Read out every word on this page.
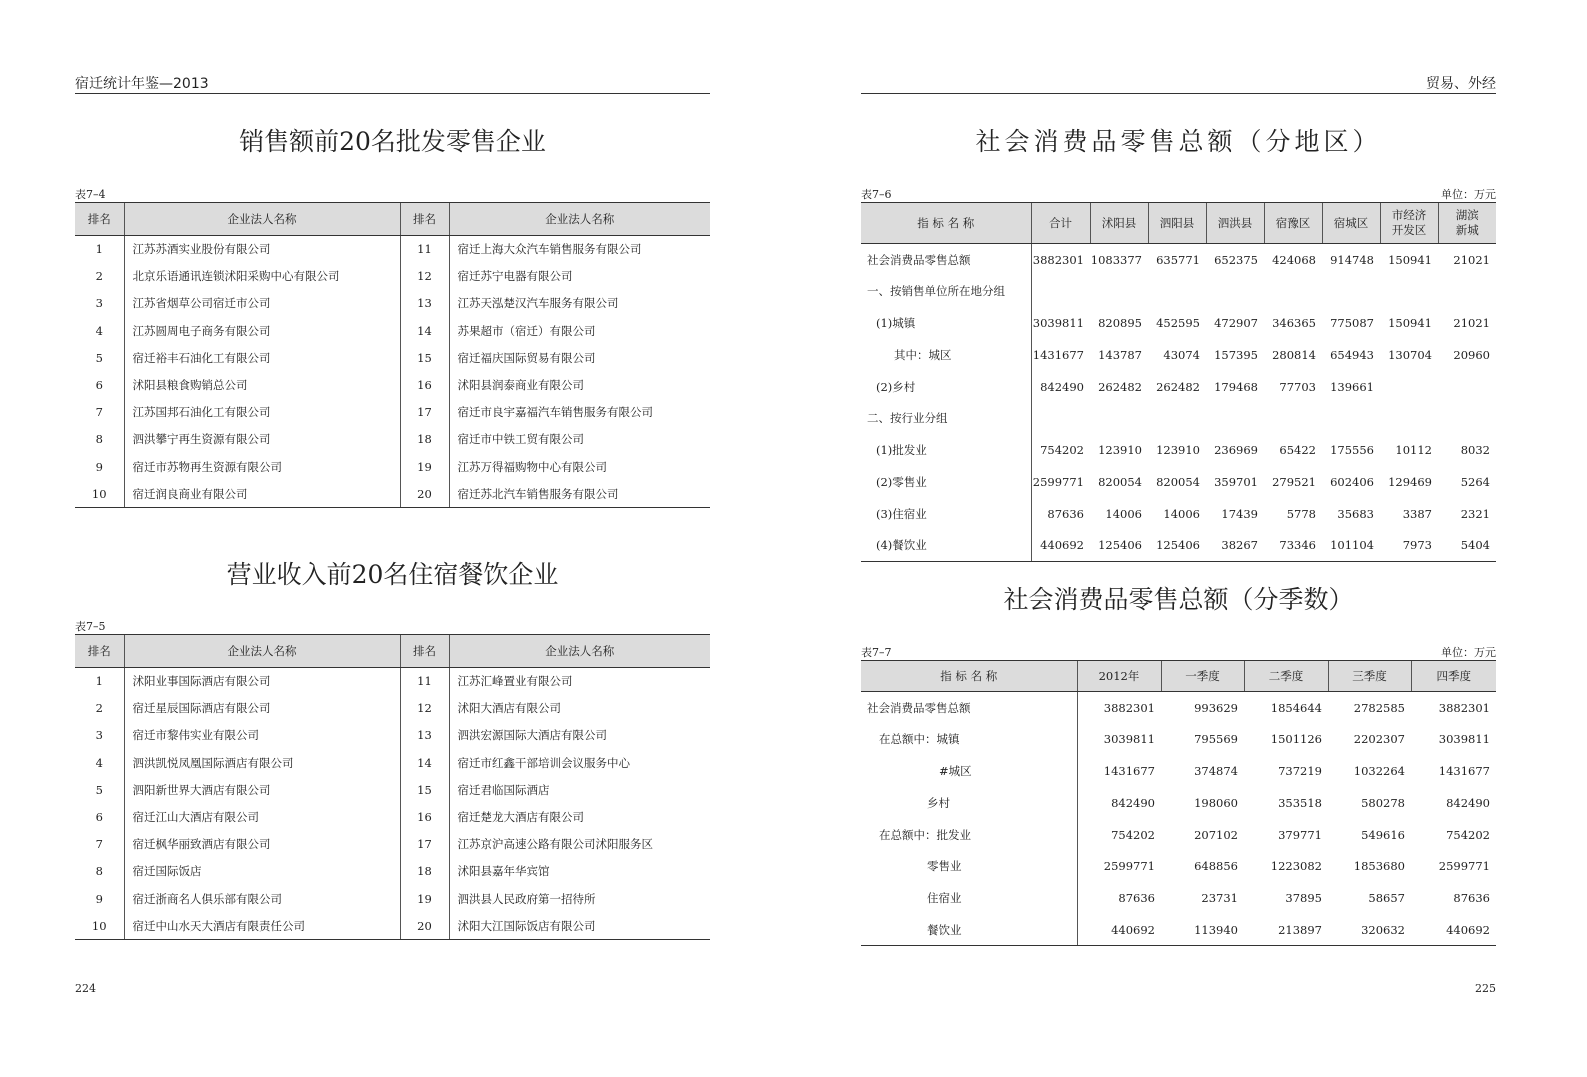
宿迁统计年鉴—2013
销售额前20名批发零售企业
表7–4
排名	企业法人名称	排名	企业法人名称
1	江苏苏酒实业股份有限公司	11	宿迁上海大众汽车销售服务有限公司
2	北京乐语通讯连锁沭阳采购中心有限公司	12	宿迁苏宁电器有限公司
3	江苏省烟草公司宿迁市公司	13	江苏天泓楚汉汽车服务有限公司
4	江苏圆周电子商务有限公司	14	苏果超市（宿迁）有限公司
5	宿迁裕丰石油化工有限公司	15	宿迁福庆国际贸易有限公司
6	沭阳县粮食购销总公司	16	沭阳县润泰商业有限公司
7	江苏国邦石油化工有限公司	17	宿迁市良宇嘉福汽车销售服务有限公司
8	泗洪攀宁再生资源有限公司	18	宿迁市中铁工贸有限公司
9	宿迁市苏物再生资源有限公司	19	江苏万得福购物中心有限公司
10	宿迁润良商业有限公司	20	宿迁苏北汽车销售服务有限公司
营业收入前20名住宿餐饮企业
表7–5
排名	企业法人名称	排名	企业法人名称
1	沭阳业事国际酒店有限公司	11	江苏汇峰置业有限公司
2	宿迁星辰国际酒店有限公司	12	沭阳大酒店有限公司
3	宿迁市黎伟实业有限公司	13	泗洪宏源国际大酒店有限公司
4	泗洪凯悦凤凰国际酒店有限公司	14	宿迁市红鑫干部培训会议服务中心
5	泗阳新世界大酒店有限公司	15	宿迁君临国际酒店
6	宿迁江山大酒店有限公司	16	宿迁楚龙大酒店有限公司
7	宿迁枫华丽致酒店有限公司	17	江苏京沪高速公路有限公司沭阳服务区
8	宿迁国际饭店	18	沭阳县嘉年华宾馆
9	宿迁浙商名人俱乐部有限公司	19	泗洪县人民政府第一招待所
10	宿迁中山水天大酒店有限责任公司	20	沭阳大江国际饭店有限公司
224
贸易、外经
社会消费品零售总额（分地区）
表7–6	单位：万元
指 标 名 称	合计	沭阳县	泗阳县	泗洪县	宿豫区	宿城区	市经济
开发区	湖滨
新城
社会消费品零售总额	3882301	1083377	635771	652375	424068	914748	150941	21021
一、按销售单位所在地分组								
(1)城镇	3039811	820895	452595	472907	346365	775087	150941	21021
其中：城区	1431677	143787	43074	157395	280814	654943	130704	20960
(2)乡村	842490	262482	262482	179468	77703	139661		
二、按行业分组								
(1)批发业	754202	123910	123910	236969	65422	175556	10112	8032
(2)零售业	2599771	820054	820054	359701	279521	602406	129469	5264
(3)住宿业	87636	14006	14006	17439	5778	35683	3387	2321
(4)餐饮业	440692	125406	125406	38267	73346	101104	7973	5404
社会消费品零售总额（分季数）
表7–7	单位：万元
指 标 名 称	2012年	一季度	二季度	三季度	四季度
社会消费品零售总额	3882301	993629	1854644	2782585	3882301
在总额中：城镇	3039811	795569	1501126	2202307	3039811
#城区	1431677	374874	737219	1032264	1431677
乡村	842490	198060	353518	580278	842490
在总额中：批发业	754202	207102	379771	549616	754202
零售业	2599771	648856	1223082	1853680	2599771
住宿业	87636	23731	37895	58657	87636
餐饮业	440692	113940	213897	320632	440692
225
